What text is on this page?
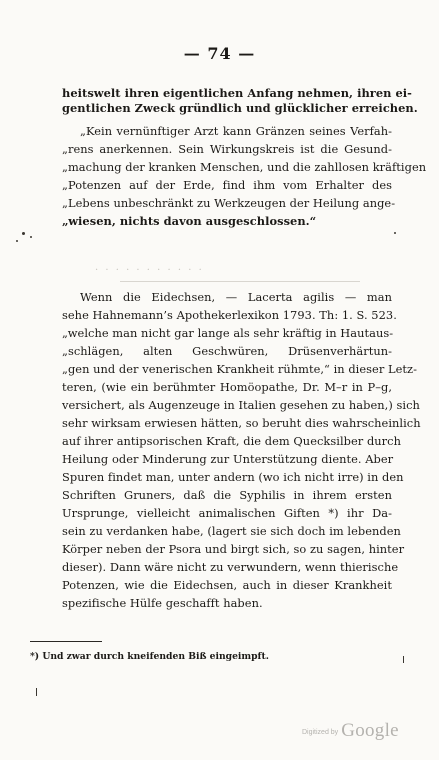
— 74 —
heitswelt ihren eigentlichen Anfang nehmen, ihren ei-
gentlichen Zweck gründlich und glücklicher erreichen.
„Kein vernünftiger Arzt kann Gränzen seines Verfah-
„rens anerkennen. Sein Wirkungskreis ist die Gesund-
„machung der kranken Menschen, und die zahllosen kräftigen
„Potenzen auf der Erde, find ihm vom Erhalter des
„Lebens unbeschränkt zu Werkzeugen der Heilung ange-
„wiesen, nichts davon ausgeschlossen.“
· · · · · · · · · · ·
Wenn die Eidechsen, — Lacerta agilis — man
sehe Hahnemann’s Apothekerlexikon 1793. Th: 1. S. 523.
„welche man nicht gar lange als sehr kräftig in Hautaus-
„schlägen, alten Geschwüren, Drüsenverhärtun-
„gen und der venerischen Krankheit rühmte,“ in dieser Letz-
teren, (wie ein berühmter Homöopathe, Dr. M–r in P–g,
versichert, als Augenzeuge in Italien gesehen zu haben,) sich
sehr wirksam erwiesen hätten, so beruht dies wahrscheinlich
auf ihrer antipsorischen Kraft, die dem Quecksilber durch
Heilung oder Minderung zur Unterstützung diente. Aber
Spuren findet man, unter andern (wo ich nicht irre) in den
Schriften Gruners, daß die Syphilis in ihrem ersten
Ursprunge, vielleicht animalischen Giften *) ihr Da-
sein zu verdanken habe, (lagert sie sich doch im lebenden
Körper neben der Psora und birgt sich, so zu sagen, hinter
dieser). Dann wäre nicht zu verwundern, wenn thierische
Potenzen, wie die Eidechsen, auch in dieser Krankheit
spezifische Hülfe geschafft haben.
*) Und zwar durch kneifenden Biß eingeimpft.
Digitized by Google
